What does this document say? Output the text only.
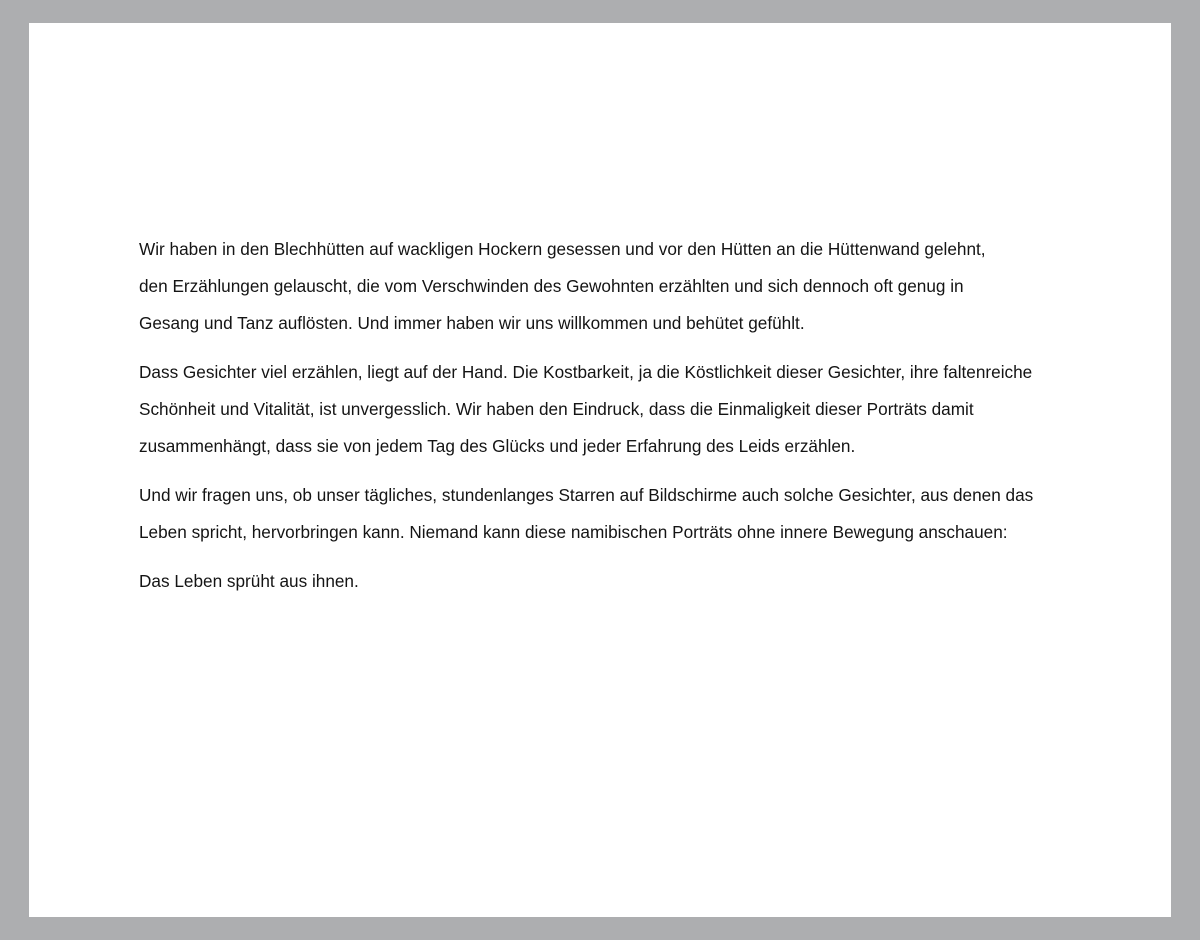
Wir haben in den Blechhütten auf wackligen Hockern gesessen und vor den Hütten an die Hüttenwand gelehnt,
den Erzählungen gelauscht, die vom Verschwinden des Gewohnten erzählten und sich dennoch oft genug in
Gesang und Tanz auflösten. Und immer haben wir uns willkommen und behütet gefühlt.
Dass Gesichter viel erzählen, liegt auf der Hand. Die Kostbarkeit, ja die Köstlichkeit dieser Gesichter, ihre faltenreiche
Schönheit und Vitalität, ist unvergesslich. Wir haben den Eindruck, dass die Einmaligkeit dieser Porträts damit
zusammenhängt, dass sie von jedem Tag des Glücks und jeder Erfahrung des Leids erzählen.
Und wir fragen uns, ob unser tägliches, stundenlanges Starren auf Bildschirme auch solche Gesichter, aus denen das
Leben spricht, hervorbringen kann. Niemand kann diese namibischen Porträts ohne innere Bewegung anschauen:
Das Leben sprüht aus ihnen.
